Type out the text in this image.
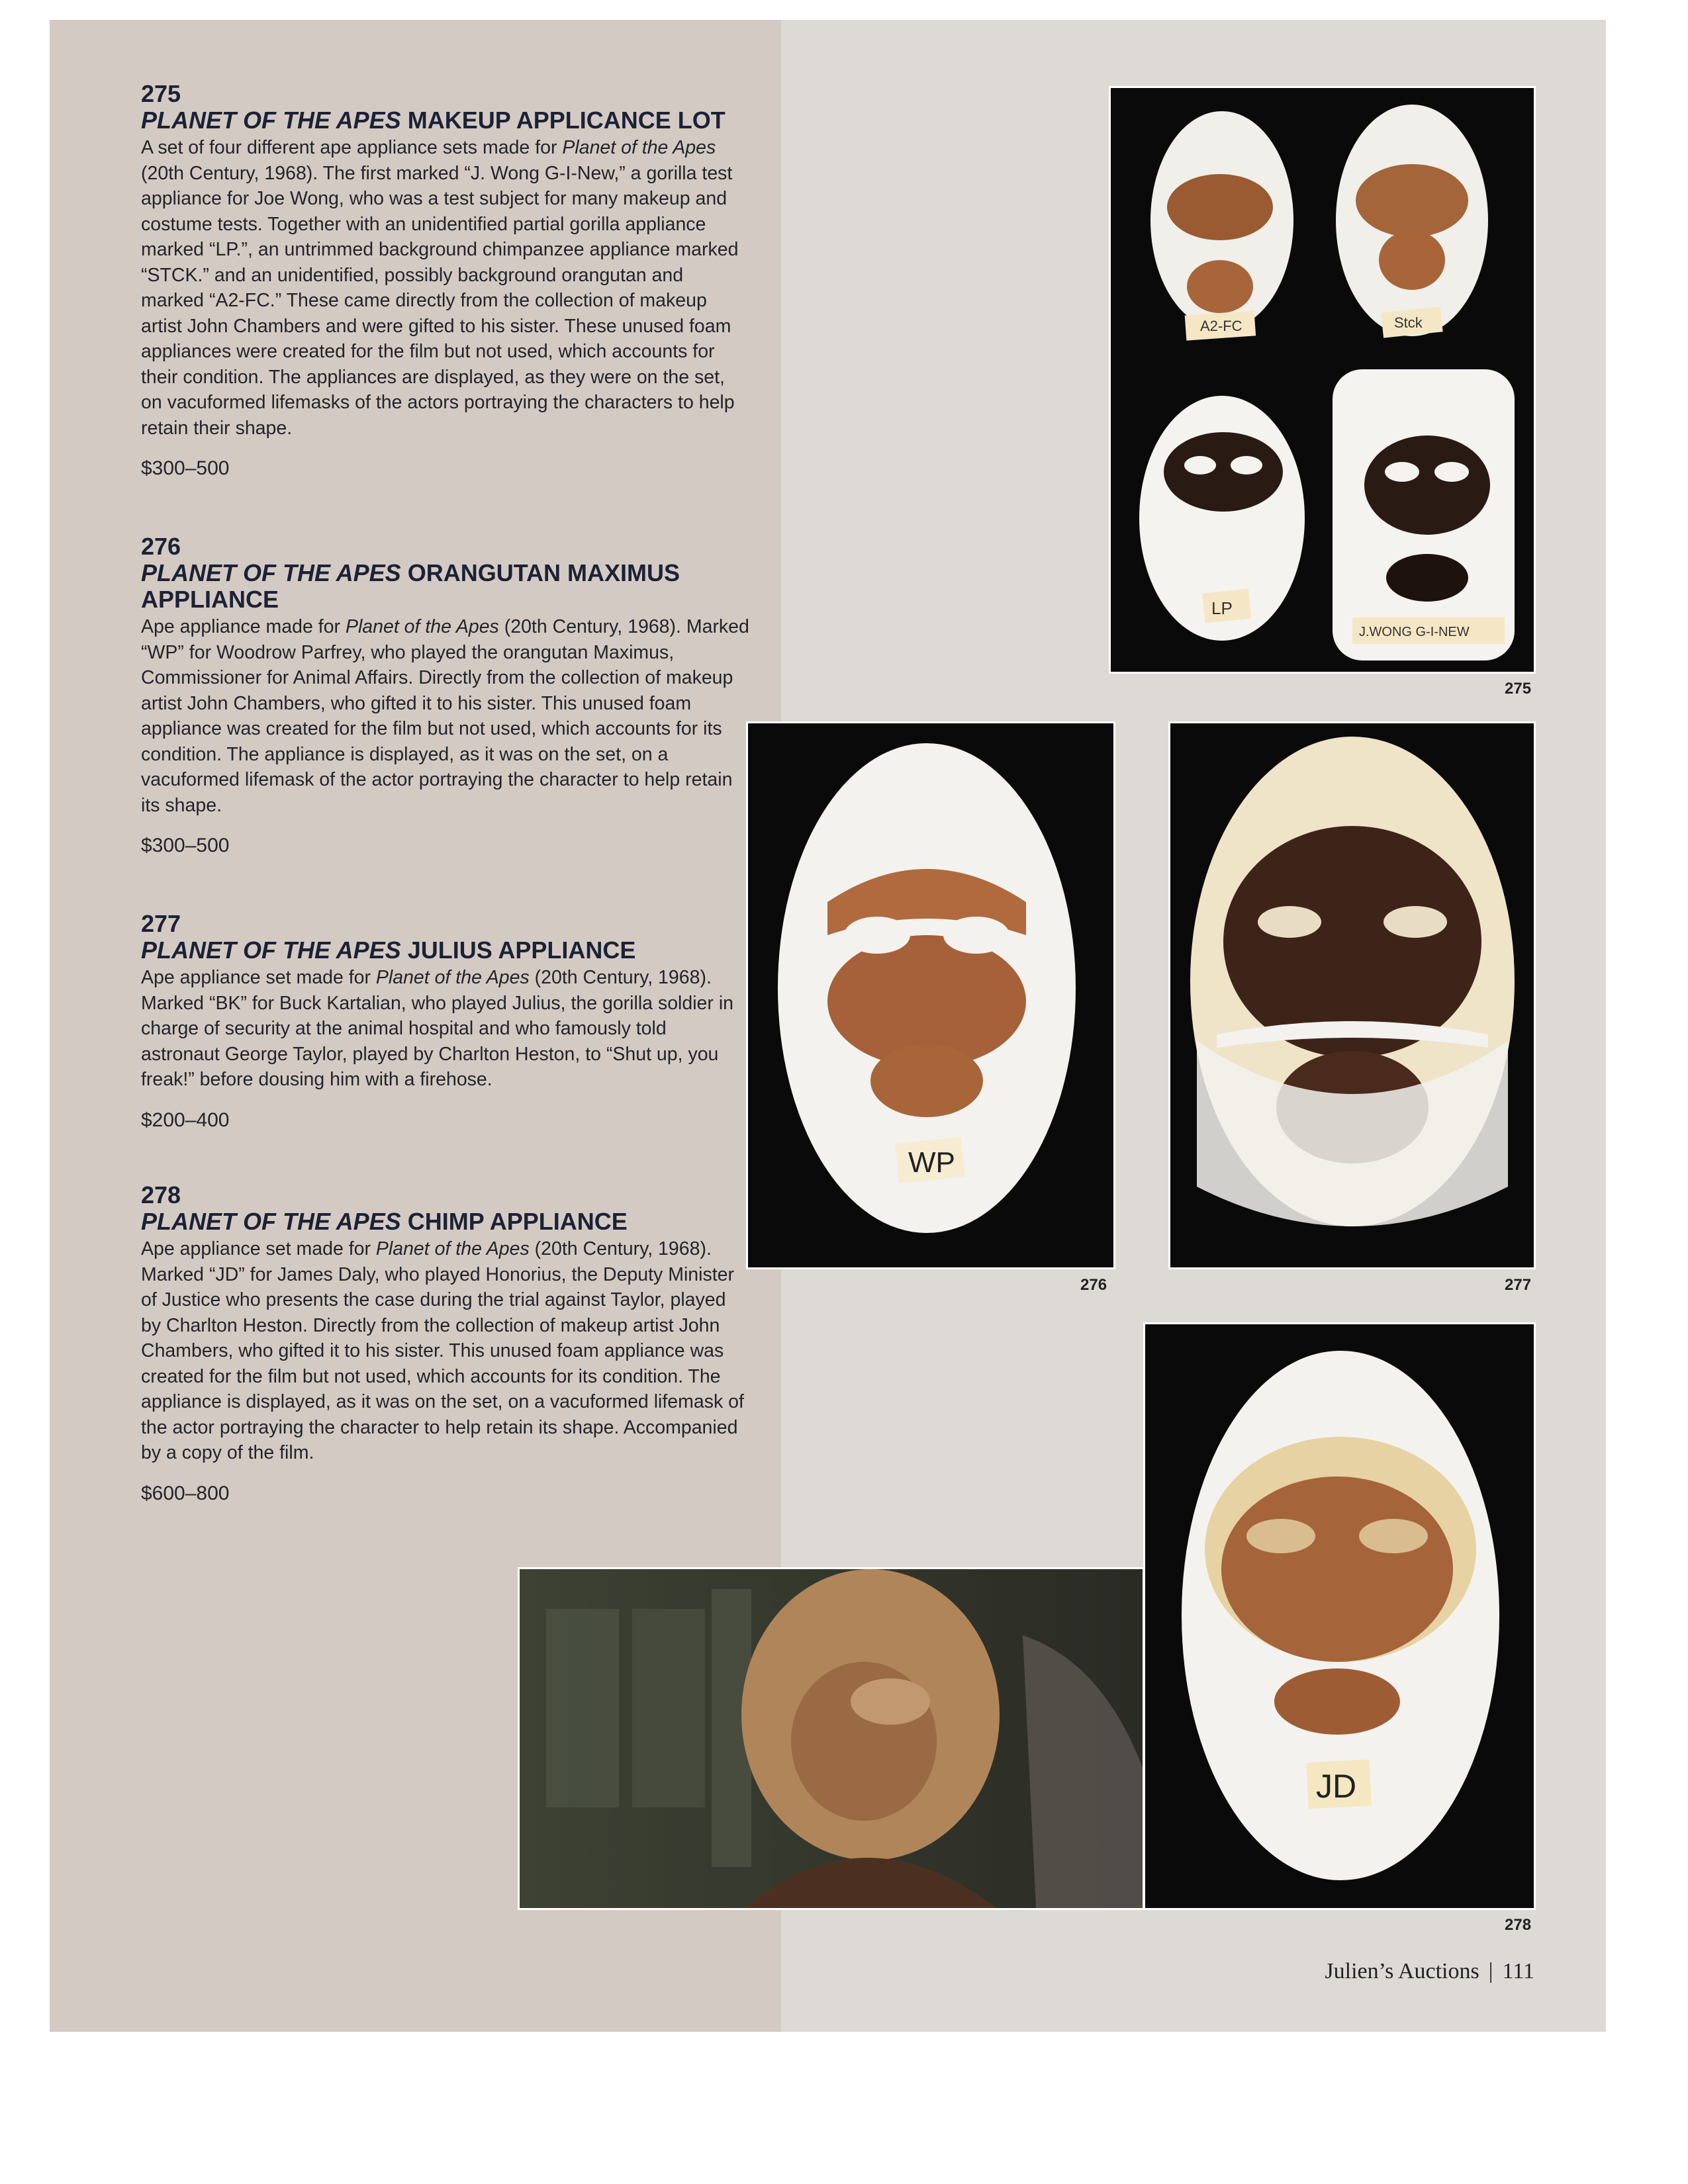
275
PLANET OF THE APES MAKEUP APPLICANCE LOT
A set of four different ape appliance sets made for Planet of the Apes (20th Century, 1968). The first marked “J. Wong G-I-New,” a gorilla test appliance for Joe Wong, who was a test subject for many makeup and costume tests. Together with an unidentified partial gorilla appliance marked “LP.”, an untrimmed background chimpanzee appliance marked “STCK.” and an unidentified, possibly background orangutan and marked “A2-FC.” These came directly from the collection of makeup artist John Chambers and were gifted to his sister. These unused foam appliances were created for the film but not used, which accounts for their condition. The appliances are displayed, as they were on the set, on vacuformed lifemasks of the actors portraying the characters to help retain their shape.
$300–500
276
PLANET OF THE APES ORANGUTAN MAXIMUS APPLIANCE
Ape appliance made for Planet of the Apes (20th Century, 1968). Marked “WP” for Woodrow Parfrey, who played the orangutan Maximus, Commissioner for Animal Affairs. Directly from the collection of makeup artist John Chambers, who gifted it to his sister. This unused foam appliance was created for the film but not used, which accounts for its condition. The appliance is displayed, as it was on the set, on a vacuformed lifemask of the actor portraying the character to help retain its shape.
$300–500
277
PLANET OF THE APES JULIUS APPLIANCE
Ape appliance set made for Planet of the Apes (20th Century, 1968). Marked “BK” for Buck Kartalian, who played Julius, the gorilla soldier in charge of security at the animal hospital and who famously told astronaut George Taylor, played by Charlton Heston, to “Shut up, you freak!” before dousing him with a firehose.
$200–400
278
PLANET OF THE APES CHIMP APPLIANCE
Ape appliance set made for Planet of the Apes (20th Century, 1968). Marked “JD” for James Daly, who played Honorius, the Deputy Minister of Justice who presents the case during the trial against Taylor, played by Charlton Heston. Directly from the collection of makeup artist John Chambers, who gifted it to his sister. This unused foam appliance was created for the film but not used, which accounts for its condition. The appliance is displayed, as it was on the set, on a vacuformed lifemask of the actor portraying the character to help retain its shape. Accompanied by a copy of the film.
$600–800
A2-FC	Stck
LP
J.WONG G-I-NEW
275
WP
276	277
JD
278
Julien’s Auctions | 111
